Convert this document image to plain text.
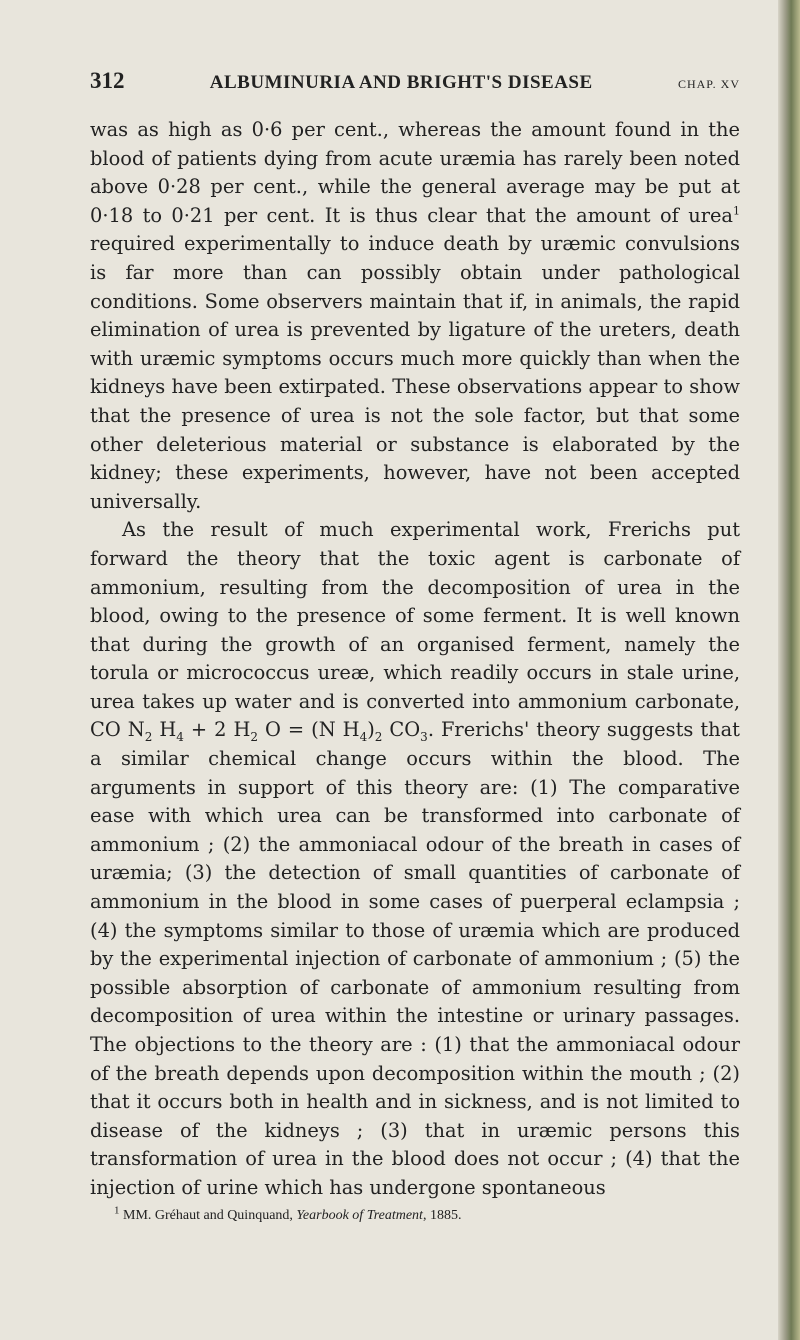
312	ALBUMINURIA AND BRIGHT'S DISEASE	CHAP. XV

was as high as 0·6 per cent., whereas the amount found in the blood of patients dying from acute uræmia has rarely been noted above 0·28 per cent., while the general average may be put at 0·18 to 0·21 per cent. It is thus clear that the amount of urea$^1$ required experimentally to induce death by uræmic convulsions is far more than can possibly obtain under pathological conditions. Some observers maintain that if, in animals, the rapid elimination of urea is prevented by ligature of the ureters, death with uræmic symptoms occurs much more quickly than when the kidneys have been extirpated. These observations appear to show that the presence of urea is not the sole factor, but that some other deleterious material or substance is elaborated by the kidney; these experiments, however, have not been accepted universally.

As the result of much experimental work, Frerichs put forward the theory that the toxic agent is carbonate of ammonium, resulting from the decomposition of urea in the blood, owing to the presence of some ferment. It is well known that during the growth of an organised ferment, namely the torula or micrococcus ureæ, which readily occurs in stale urine, urea takes up water and is converted into ammonium carbonate, CO $N_2$ $H_4 + 2$ $H_2$ O = (N $H_4)_2$ $CO_3$. Frerichs' theory suggests that a similar chemical change occurs within the blood. The arguments in support of this theory are: (1) The comparative ease with which urea can be transformed into carbonate of ammonium ; (2) the ammoniacal odour of the breath in cases of uræmia; (3) the detection of small quantities of carbonate of ammonium in the blood in some cases of puerperal eclampsia ; (4) the symptoms similar to those of uræmia which are produced by the experimental injection of carbonate of ammonium ; (5) the possible absorption of carbonate of ammonium resulting from decomposition of urea within the intestine or urinary passages. The objections to the theory are : (1) that the ammoniacal odour of the breath depends upon decomposition within the mouth ; (2) that it occurs both in health and in sickness, and is not limited to disease of the kidneys ; (3) that in uræmic persons this transformation of urea in the blood does not occur ; (4) that the injection of urine which has undergone spontaneous

$^1$ MM. Gréhaut and Quinquand, Yearbook of Treatment, 1885.
